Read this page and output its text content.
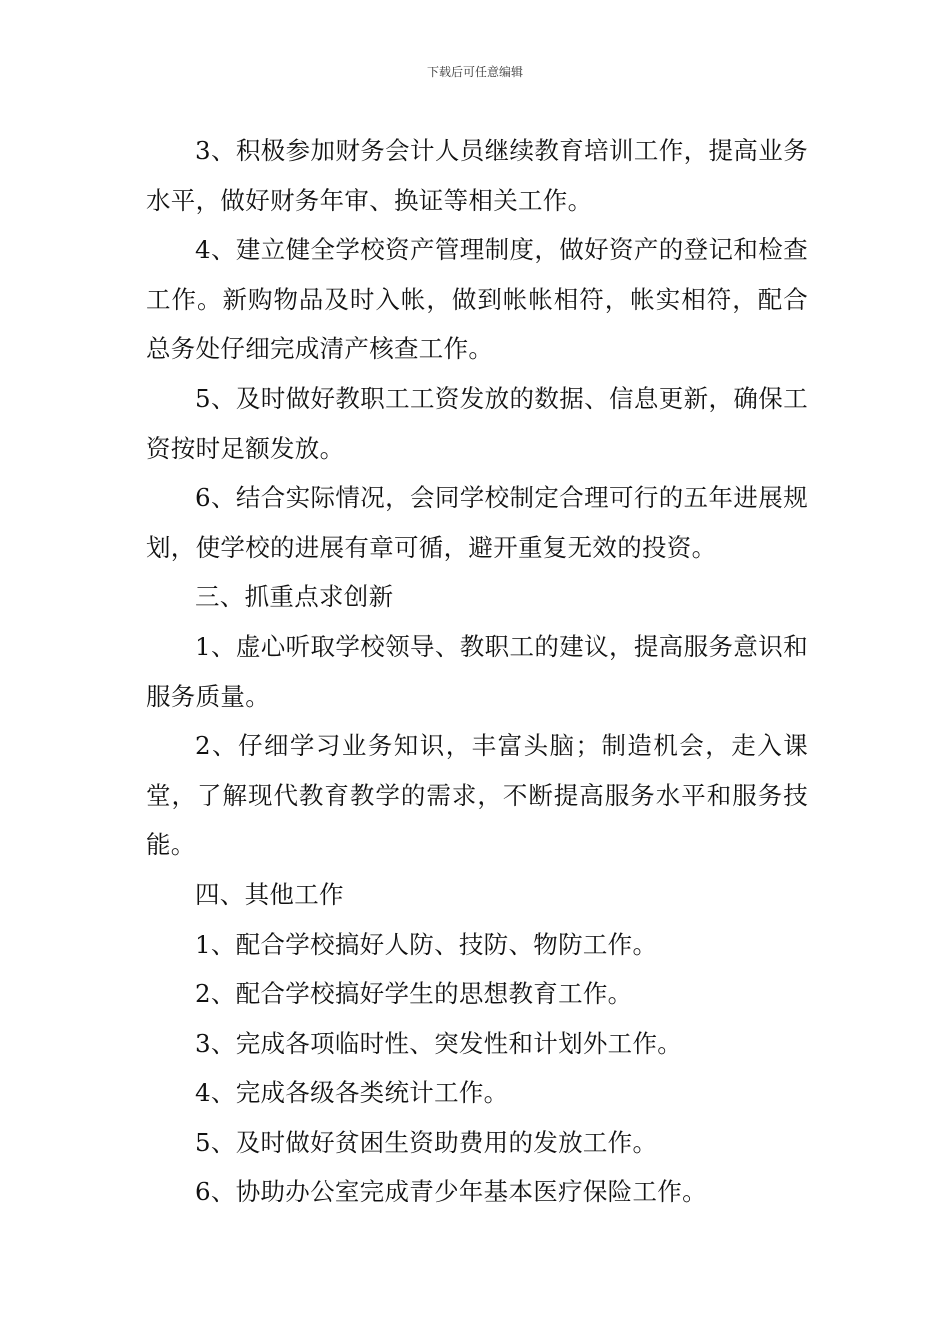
下载后可任意编辑

3、积极参加财务会计人员继续教育培训工作，提高业务水平，做好财务年审、换证等相关工作。

4、建立健全学校资产管理制度，做好资产的登记和检查工作。新购物品及时入帐，做到帐帐相符，帐实相符，配合总务处仔细完成清产核查工作。

5、及时做好教职工工资发放的数据、信息更新，确保工资按时足额发放。

6、结合实际情况，会同学校制定合理可行的五年进展规划，使学校的进展有章可循，避开重复无效的投资。

三、抓重点求创新

1、虚心听取学校领导、教职工的建议，提高服务意识和服务质量。

2、仔细学习业务知识，丰富头脑；制造机会，走入课堂，了解现代教育教学的需求，不断提高服务水平和服务技能。

四、其他工作

1、配合学校搞好人防、技防、物防工作。

2、配合学校搞好学生的思想教育工作。

3、完成各项临时性、突发性和计划外工作。

4、完成各级各类统计工作。

5、及时做好贫困生资助费用的发放工作。

6、协助办公室完成青少年基本医疗保险工作。
